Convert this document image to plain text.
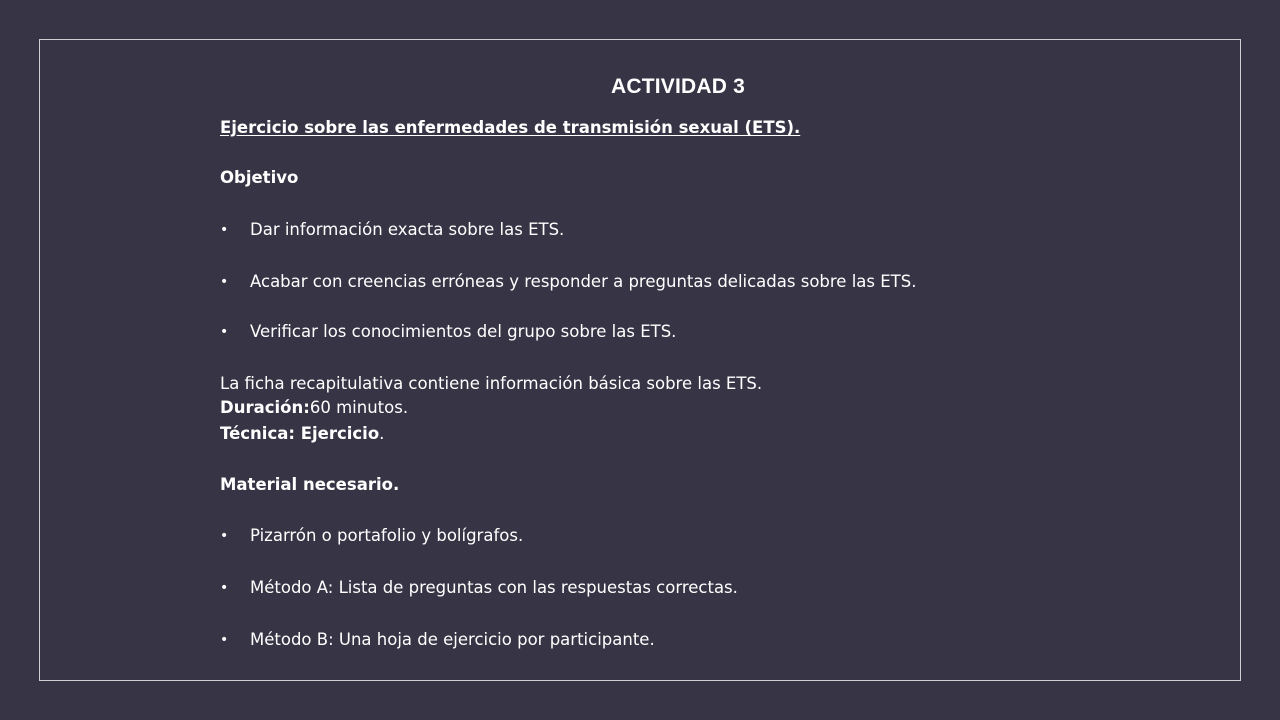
ACTIVIDAD 3

Ejercicio sobre las enfermedades de transmisión sexual (ETS).

Objetivo

•	Dar información exacta sobre las ETS.

•	Acabar con creencias erróneas y responder a preguntas delicadas sobre las ETS.

•	Verificar los conocimientos del grupo sobre las ETS.

La ficha recapitulativa contiene información básica sobre las ETS.

Duración:60 minutos.

Técnica: Ejercicio.

Material necesario.

•	Pizarrón o portafolio y bolígrafos.

•	Método A: Lista de preguntas con las respuestas correctas.

•	Método B: Una hoja de ejercicio por participante.
